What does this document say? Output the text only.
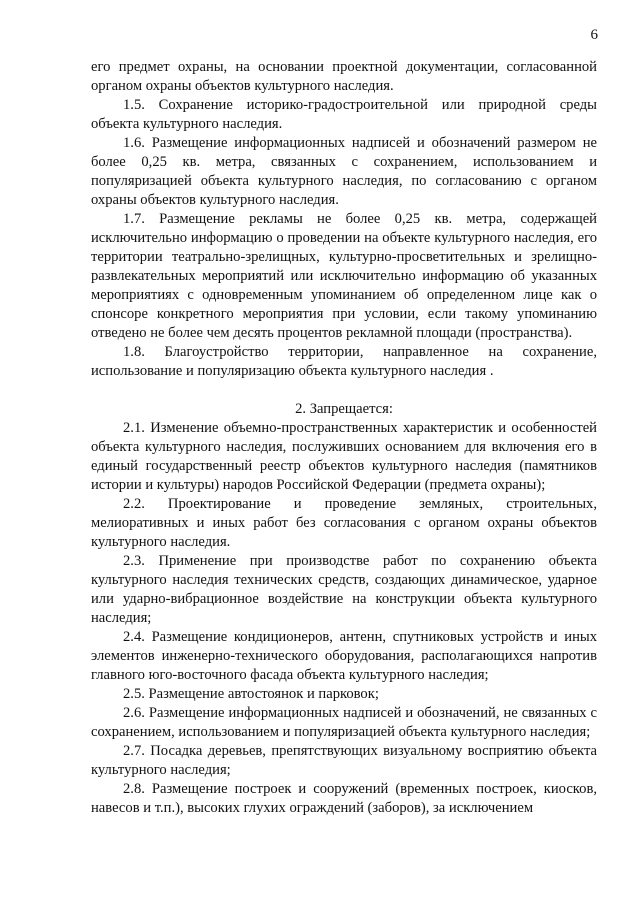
6

его предмет охраны, на основании проектной документации, согласованной органом охраны объектов культурного наследия.

1.5. Сохранение историко-градостроительной или природной среды объекта культурного наследия.

1.6. Размещение информационных надписей и обозначений размером не более 0,25 кв. метра, связанных с сохранением, использованием и популяризацией объекта культурного наследия, по согласованию с органом охраны объектов культурного наследия.

1.7. Размещение рекламы не более 0,25 кв. метра, содержащей исключительно информацию о проведении на объекте культурного наследия, его территории театрально-зрелищных, культурно-просветительных и зрелищно-развлекательных мероприятий или исключительно информацию об указанных мероприятиях с одновременным упоминанием об определенном лице как о спонсоре конкретного мероприятия при условии, если такому упоминанию отведено не более чем десять процентов рекламной площади (пространства).

1.8. Благоустройство территории, направленное на сохранение, использование и популяризацию объекта культурного наследия .

2. Запрещается:

2.1. Изменение объемно-пространственных характеристик и особенностей объекта культурного наследия, послуживших основанием для включения его в единый государственный реестр объектов культурного наследия (памятников истории и культуры) народов Российской Федерации (предмета охраны);

2.2. Проектирование и проведение земляных, строительных, мелиоративных и иных работ без согласования с органом охраны объектов культурного наследия.

2.3. Применение при производстве работ по сохранению объекта культурного наследия технических средств, создающих динамическое, ударное или ударно-вибрационное воздействие на конструкции объекта культурного наследия;

2.4. Размещение кондиционеров, антенн, спутниковых устройств и иных элементов инженерно-технического оборудования, располагающихся напротив главного юго-восточного фасада объекта культурного наследия;

2.5. Размещение автостоянок и парковок;

2.6. Размещение информационных надписей и обозначений, не связанных с сохранением, использованием и популяризацией объекта культурного наследия;

2.7. Посадка деревьев, препятствующих визуальному восприятию объекта культурного наследия;

2.8. Размещение построек и сооружений (временных построек, киосков, навесов и т.п.), высоких глухих ограждений (заборов), за исключением
